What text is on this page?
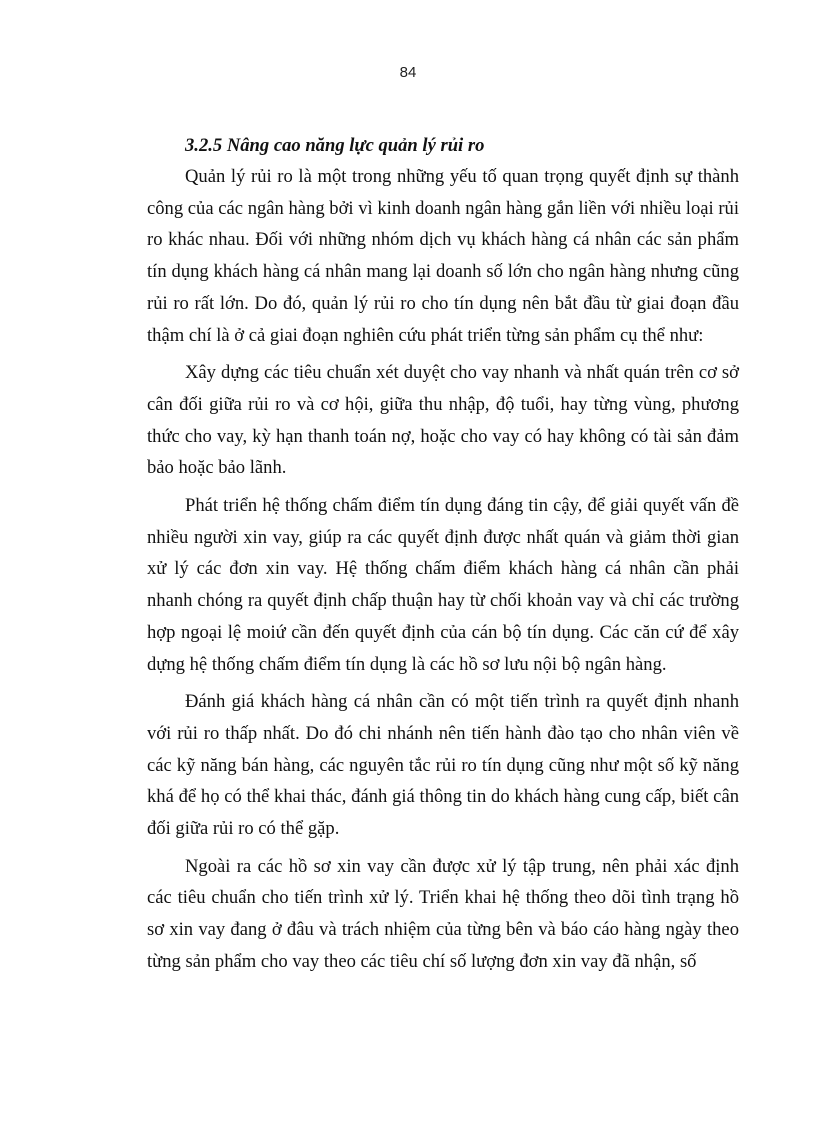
84

3.2.5 Nâng cao năng lực quản lý rủi ro

Quản lý rủi ro là một trong những yếu tố quan trọng quyết định sự thành công của các ngân hàng bởi vì kinh doanh ngân hàng gắn liền với nhiều loại rủi ro khác nhau. Đối với những nhóm dịch vụ khách hàng cá nhân các sản phẩm tín dụng khách hàng cá nhân mang lại doanh số lớn cho ngân hàng nhưng cũng rủi ro rất lớn. Do đó, quản lý rủi ro cho tín dụng nên bắt đầu từ giai đoạn đầu thậm chí là ở cả giai đoạn nghiên cứu phát triển từng sản phẩm cụ thể như:

Xây dựng các tiêu chuẩn xét duyệt cho vay nhanh và nhất quán trên cơ sở cân đối giữa rủi ro và cơ hội, giữa thu nhập, độ tuổi, hay từng vùng, phương thức cho vay, kỳ hạn thanh toán nợ, hoặc cho vay có hay không có tài sản đảm bảo hoặc bảo lãnh.

Phát triển hệ thống chấm điểm tín dụng đáng tin cậy, để giải quyết vấn đề nhiều người xin vay, giúp ra các quyết định được nhất quán và giảm thời gian xử lý các đơn xin vay. Hệ thống chấm điểm khách hàng cá nhân cần phải nhanh chóng ra quyết định chấp thuận hay từ chối khoản vay và chỉ các trường hợp ngoại lệ moiứ cần đến quyết định của cán bộ tín dụng. Các căn cứ để xây dựng hệ thống chấm điểm tín dụng là các hồ sơ lưu nội bộ ngân hàng.

Đánh giá khách hàng cá nhân cần có một tiến trình ra quyết định nhanh với rủi ro thấp nhất. Do đó chi nhánh nên tiến hành đào tạo cho nhân viên về các kỹ năng bán hàng, các nguyên tắc rủi ro tín dụng cũng như một số kỹ năng khá để họ có thể khai thác, đánh giá thông tin do khách hàng cung cấp, biết cân đối giữa rủi ro có thể gặp.

Ngoài ra các hồ sơ xin vay cần được xử lý tập trung, nên phải xác định các tiêu chuẩn cho tiến trình xử lý. Triển khai hệ thống theo dõi tình trạng hồ sơ xin vay đang ở đâu và trách nhiệm của từng bên và báo cáo hàng ngày theo từng sản phẩm cho vay theo các tiêu chí số lượng đơn xin vay đã nhận, số
